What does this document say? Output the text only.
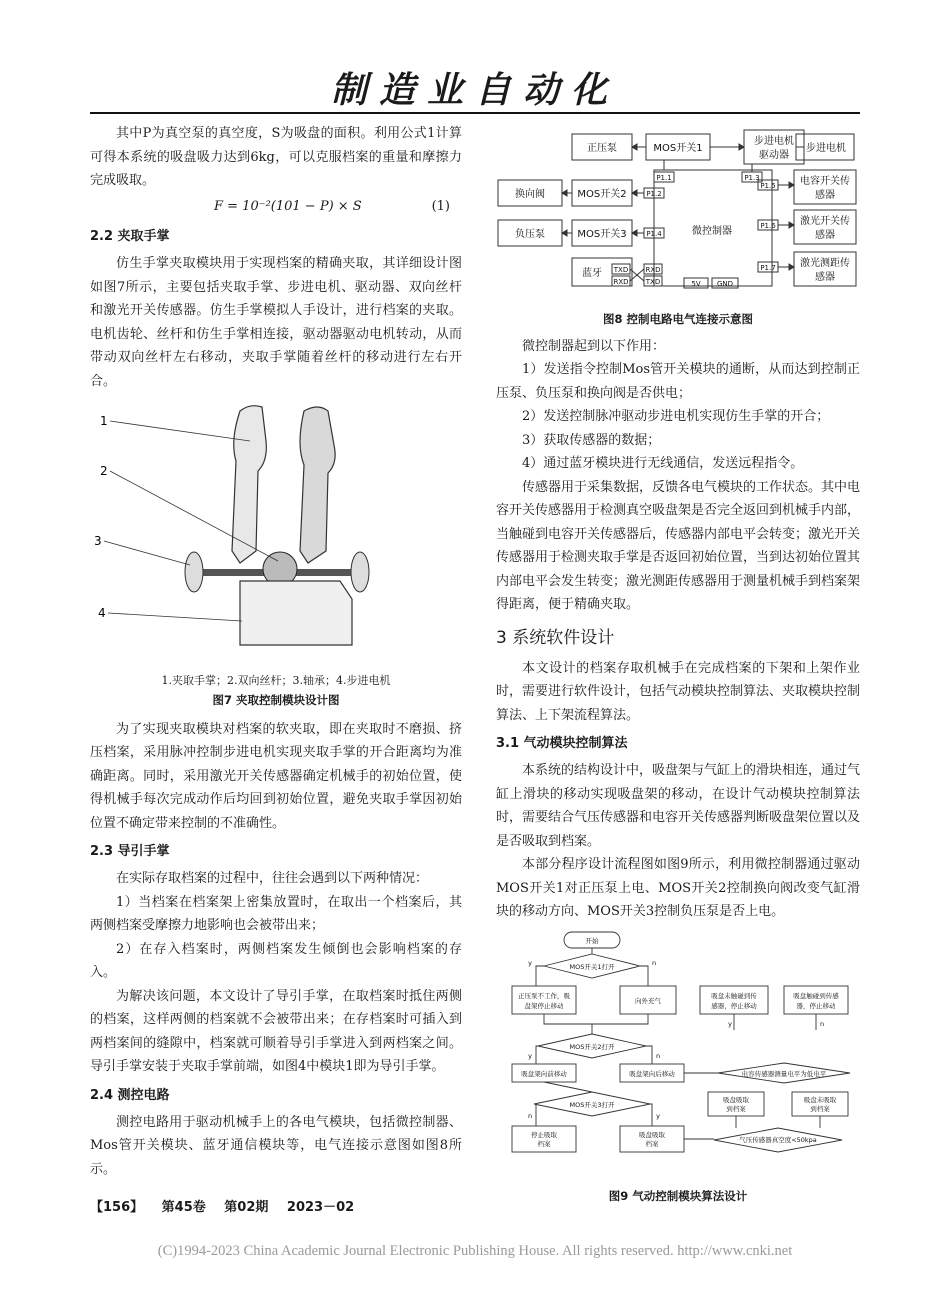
制造业自动化

其中P为真空泵的真空度，S为吸盘的面积。利用公式1计算可得本系统的吸盘吸力达到6kg，可以克服档案的重量和摩擦力完成吸取。

F = 10⁻²(101 − P) × S	(1)
2.2 夹取手掌

仿生手掌夹取模块用于实现档案的精确夹取，其详细设计图如图7所示，主要包括夹取手掌、步进电机、驱动器、双向丝杆和激光开关传感器。仿生手掌模拟人手设计，进行档案的夹取。电机齿轮、丝杆和仿生手掌相连接，驱动器驱动电机转动，从而带动双向丝杆左右移动，夹取手掌随着丝杆的移动进行左右开合。

1
2
3
4
1.夹取手掌；2.双向丝杆；3.轴承；4.步进电机
图7 夹取控制模块设计图

为了实现夹取模块对档案的软夹取，即在夹取时不磨损、挤压档案，采用脉冲控制步进电机实现夹取手掌的开合距离均为准确距离。同时，采用激光开关传感器确定机械手的初始位置，使得机械手每次完成动作后均回到初始位置，避免夹取手掌因初始位置不确定带来控制的不准确性。

2.3 导引手掌

在实际存取档案的过程中，往往会遇到以下两种情况：

1）当档案在档案架上密集放置时，在取出一个档案后，其两侧档案受摩擦力地影响也会被带出来；

2）在存入档案时，两侧档案发生倾倒也会影响档案的存入。

为解决该问题，本文设计了导引手掌，在取档案时抵住两侧的档案，这样两侧的档案就不会被带出来；在存档案时可插入到两档案间的缝隙中，档案就可顺着导引手掌进入到两档案之间。导引手掌安装于夹取手掌前端，如图4中模块1即为导引手掌。

2.4 测控电路

测控电路用于驱动机械手上的各电气模块，包括微控制器、Mos管开关模块、蓝牙通信模块等，电气连接示意图如图8所示。

正压泵	MOS开关1
步进电机
驱动器
步进电机
换向阀	MOS开关2
电容开关传
感器
负压泵	MOS开关3	微控制器
激光开关传
感器
蓝牙
激光测距传
感器
P1.1	P1.3
P1.5
P1.2
P1.4
P1.6
P1.7
TXD
RXD
RXD
TXD	5V GND
图8 控制电路电气连接示意图

微控制器起到以下作用：

1）发送指令控制Mos管开关模块的通断，从而达到控制正压泵、负压泵和换向阀是否供电；

2）发送控制脉冲驱动步进电机实现仿生手掌的开合；

3）获取传感器的数据；

4）通过蓝牙模块进行无线通信，发送远程指令。

传感器用于采集数据，反馈各电气模块的工作状态。其中电容开关传感器用于检测真空吸盘架是否完全返回到机械手内部，当触碰到电容开关传感器后，传感器内部电平会转变；激光开关传感器用于检测夹取手掌是否返回初始位置，当到达初始位置其内部电平会发生转变；激光测距传感器用于测量机械手到档案架得距离，便于精确夹取。

3 系统软件设计

本文设计的档案存取机械手在完成档案的下架和上架作业时，需要进行软件设计，包括气动模块控制算法、夹取模块控制算法、上下架流程算法。

3.1 气动模块控制算法

本系统的结构设计中，吸盘架与气缸上的滑块相连，通过气缸上滑块的移动实现吸盘架的移动，在设计气动模块控制算法时，需要结合气压传感器和电容开关传感器判断吸盘架位置以及是否吸取到档案。

本部分程序设计流程图如图9所示，利用微控制器通过驱动MOS开关1对正压泵上电、MOS开关2控制换向阀改变气缸滑块的移动方向、MOS开关3控制负压泵是否上电。

开始
MOS开关1打开
y	n
正压泵不工作，吸
盘架停止移动
向外充气
吸盘未触碰到传
感器，停止移动
吸盘触碰到传感
器，停止移动
y	n
MOS开关2打开
y	n
吸盘架向前移动	吸盘架向后移动	电容传感器测量电平为低电平
吸盘吸取
到档案
吸盘未吸取
到档案
MOS开关3打开
n	y
停止吸取
档案
吸盘吸取
档案	气压传感器真空度<50kpa
图9 气动控制模块算法设计
【156】 第45卷 第02期 2023－02
(C)1994-2023 China Academic Journal Electronic Publishing House. All rights reserved. http://www.cnki.net
